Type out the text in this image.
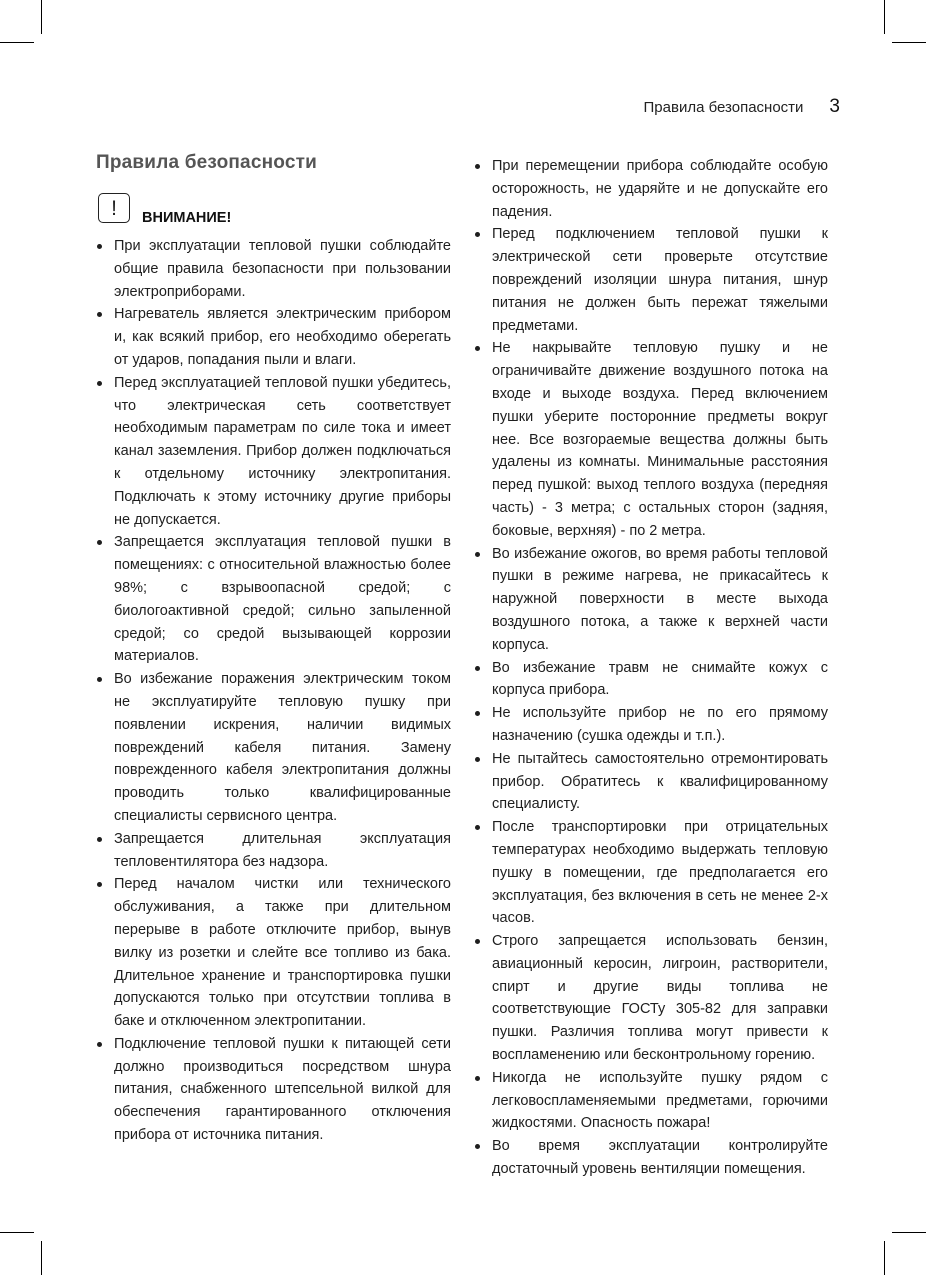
Правила безопасности 3
Правила безопасности
! ВНИМАНИЕ!
При эксплуатации тепловой пушки соблюдайте общие правила безопасности при пользовании электроприборами.
Нагреватель является электрическим прибором и, как всякий прибор, его необходимо оберегать от ударов, попадания пыли и влаги.
Перед эксплуатацией тепловой пушки убедитесь, что электрическая сеть соответствует необходимым параметрам по силе тока и имеет канал заземления. Прибор должен подключаться к отдельному источнику электропитания. Подключать к этому источнику другие приборы не допускается.
Запрещается эксплуатация тепловой пушки в помещениях: с относительной влажностью более 98%; с взрывоопасной средой; с биологоактивной средой; сильно запыленной средой; со средой вызывающей коррозии материалов.
Во избежание поражения электрическим током не эксплуатируйте тепловую пушку при появлении искрения, наличии видимых повреждений кабеля питания. Замену поврежденного кабеля электропитания должны проводить только квалифицированные специалисты сервисного центра.
Запрещается длительная эксплуатация тепловентилятора без надзора.
Перед началом чистки или технического обслуживания, а также при длительном перерыве в работе отключите прибор, вынув вилку из розетки и слейте все топливо из бака. Длительное хранение и транспортировка пушки допускаются только при отсутствии топлива в баке и отключенном электропитании.
Подключение тепловой пушки к питающей сети должно производиться посредством шнура питания, снабженного штепсельной вилкой для обеспечения гарантированного отключения прибора от источника питания.
При перемещении прибора соблюдайте особую осторожность, не ударяйте и не допускайте его падения.
Перед подключением тепловой пушки к электрической сети проверьте отсутствие повреждений изоляции шнура питания, шнур питания не должен быть пережат тяжелыми предметами.
Не накрывайте тепловую пушку и не ограничивайте движение воздушного потока на входе и выходе воздуха. Перед включением пушки уберите посторонние предметы вокруг нее. Все возгораемые вещества должны быть удалены из комнаты. Минимальные расстояния перед пушкой: выход теплого воздуха (передняя часть) - 3 метра; с остальных сторон (задняя, боковые, верхняя) - по 2 метра.
Во избежание ожогов, во время работы тепловой пушки в режиме нагрева, не прикасайтесь к наружной поверхности в месте выхода воздушного потока, а также к верхней части корпуса.
Во избежание травм не снимайте кожух с корпуса прибора.
Не используйте прибор не по его прямому назначению (сушка одежды и т.п.).
Не пытайтесь самостоятельно отремонтировать прибор. Обратитесь к квалифицированному специалисту.
После транспортировки при отрицательных температурах необходимо выдержать тепловую пушку в помещении, где предполагается его эксплуатация, без включения в сеть не менее 2-х часов.
Строго запрещается использовать бензин, авиационный керосин, лигроин, растворители, спирт и другие виды топлива не соответствующие ГОСТу 305-82 для заправки пушки. Различия топлива могут привести к воспламенению или бесконтрольному горению.
Никогда не используйте пушку рядом с легковоспламеняемыми предметами, горючими жидкостями. Опасность пожара!
Во время эксплуатации контролируйте достаточный уровень вентиляции помещения.
